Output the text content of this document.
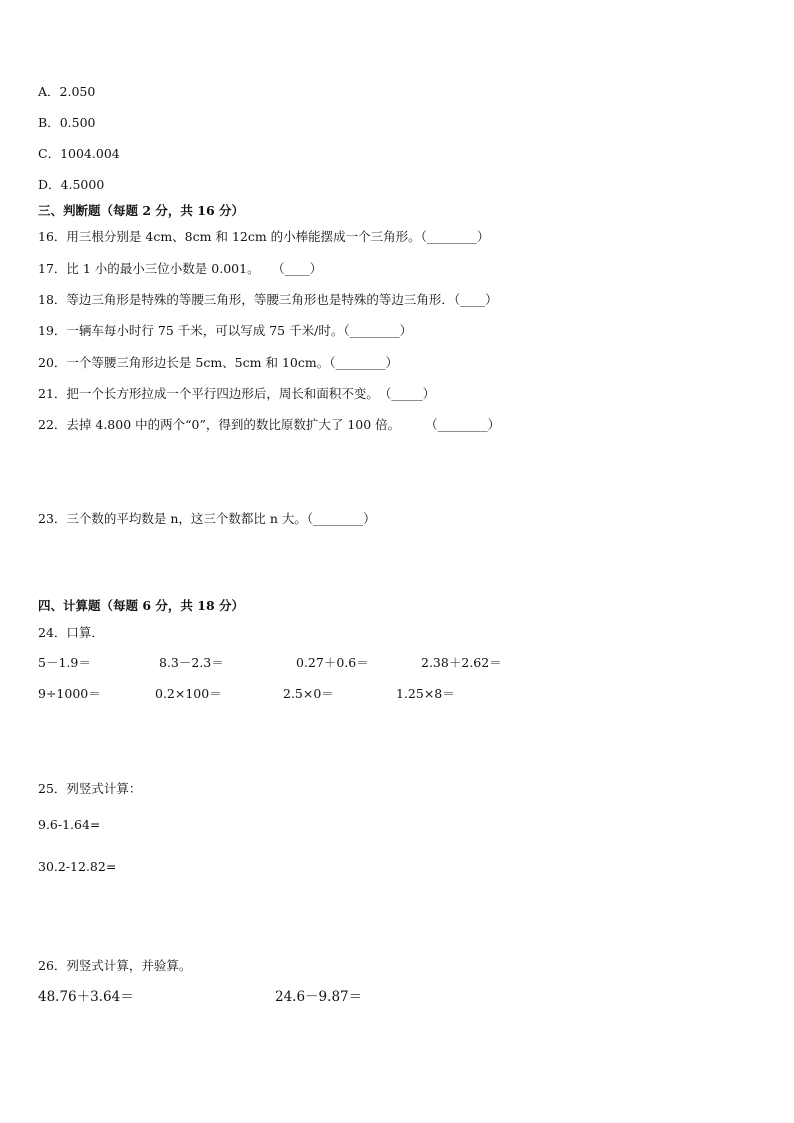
A．2.050
B．0.500
C．1004.004
D．4.5000
三、判断题（每题 2 分，共 16 分）
16．用三根分别是 4cm、8cm 和 12cm 的小棒能摆成一个三角形。（________）
17．比 1 小的最小三位小数是 0.001。　　（____）
18．等边三角形是特殊的等腰三角形，等腰三角形也是特殊的等边三角形．（____）
19．一辆车每小时行 75 千米，可以写成 75 千米/时。（________）
20．一个等腰三角形边长是 5cm、5cm 和 10cm。（________）
21．把一个长方形拉成一个平行四边形后，周长和面积不变。　（_____）
22．去掉 4.800 中的两个“0”，得到的数比原数扩大了 100 倍。　　　（________）
23．三个数的平均数是 n，这三个数都比 n 大。（________）
四、计算题（每题 6 分，共 18 分）
24．口算．
5－1.9＝	8.3－2.3＝	0.27＋0.6＝	2.38＋2.62＝
9÷1000＝	0.2×100＝	2.5×0＝	1.25×8＝
25．列竖式计算：
9.6-1.64=
30.2-12.82=
26．列竖式计算，并验算。
48.76＋3.64＝	24.6－9.87＝
